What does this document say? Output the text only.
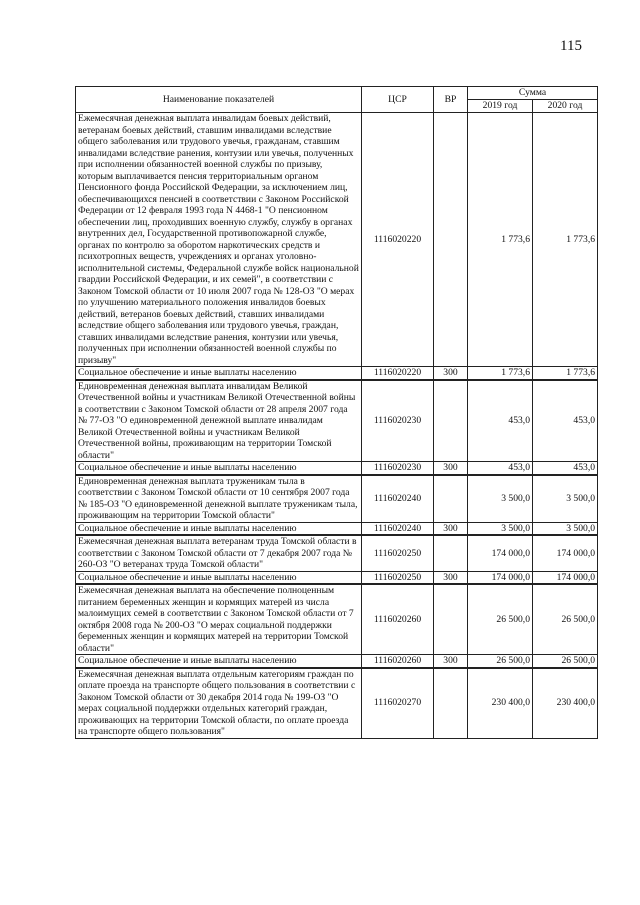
115
Наименование показателей	ЦСР	ВР	Сумма	
			2019 год	2020 год
Ежемесячная денежная выплата инвалидам боевых действий, ветеранам боевых действий, ставшим инвалидами вследствие общего заболевания или трудового увечья, гражданам, ставшим инвалидами вследствие ранения, контузии или увечья, полученных при исполнении обязанностей военной службы по призыву, которым выплачивается пенсия территориальным органом Пенсионного фонда Российской Федерации, за исключением лиц, обеспечивающихся пенсией в соответствии с Законом Российской Федерации от 12 февраля 1993 года N 4468-1 "О пенсионном обеспечении лиц, проходивших военную службу, службу в органах внутренних дел, Государственной противопожарной службе, органах по контролю за оборотом наркотических средств и психотропных веществ, учреждениях и органах уголовно-исполнительной системы, Федеральной службе войск национальной гвардии Российской Федерации, и их семей", в соответствии с Законом Томской области от 10 июля 2007 года № 128-ОЗ "О мерах по улучшению материального положения инвалидов боевых действий, ветеранов боевых действий, ставших инвалидами вследствие общего заболевания или трудового увечья, граждан, ставших инвалидами вследствие ранения, контузии или увечья, полученных при исполнении обязанностей военной службы по призыву"	1116020220		1 773,6	1 773,6
Социальное обеспечение и иные выплаты населению	1116020220	300	1 773,6	1 773,6
Единовременная денежная выплата инвалидам Великой Отечественной войны и участникам Великой Отечественной войны в соответствии с Законом Томской области от 28 апреля 2007 года № 77-ОЗ "О единовременной денежной выплате инвалидам Великой Отечественной войны и участникам Великой Отечественной войны, проживающим на территории Томской области"	1116020230		453,0	453,0
Социальное обеспечение и иные выплаты населению	1116020230	300	453,0	453,0
Единовременная денежная выплата труженикам тыла в соответствии с Законом Томской области от 10 сентября 2007 года № 185-ОЗ "О единовременной денежной выплате труженикам тыла, проживающим на территории Томской области"	1116020240		3 500,0	3 500,0
Социальное обеспечение и иные выплаты населению	1116020240	300	3 500,0	3 500,0
Ежемесячная денежная выплата ветеранам труда Томской области в соответствии с Законом Томской области от 7 декабря 2007 года № 260-ОЗ "О ветеранах труда Томской области"	1116020250		174 000,0	174 000,0
Социальное обеспечение и иные выплаты населению	1116020250	300	174 000,0	174 000,0
Ежемесячная денежная выплата на обеспечение полноценным питанием беременных женщин и кормящих матерей из числа малоимущих семей в соответствии с Законом Томской области от 7 октября 2008 года № 200-ОЗ "О мерах социальной поддержки беременных женщин и кормящих матерей на территории Томской области"	1116020260		26 500,0	26 500,0
Социальное обеспечение и иные выплаты населению	1116020260	300	26 500,0	26 500,0
Ежемесячная денежная выплата отдельным категориям граждан по оплате проезда на транспорте общего пользования в соответствии с Законом Томской области от 30 декабря 2014 года № 199-ОЗ "О мерах социальной поддержки отдельных категорий граждан, проживающих на территории Томской области, по оплате проезда на транспорте общего пользования"	1116020270		230 400,0	230 400,0
